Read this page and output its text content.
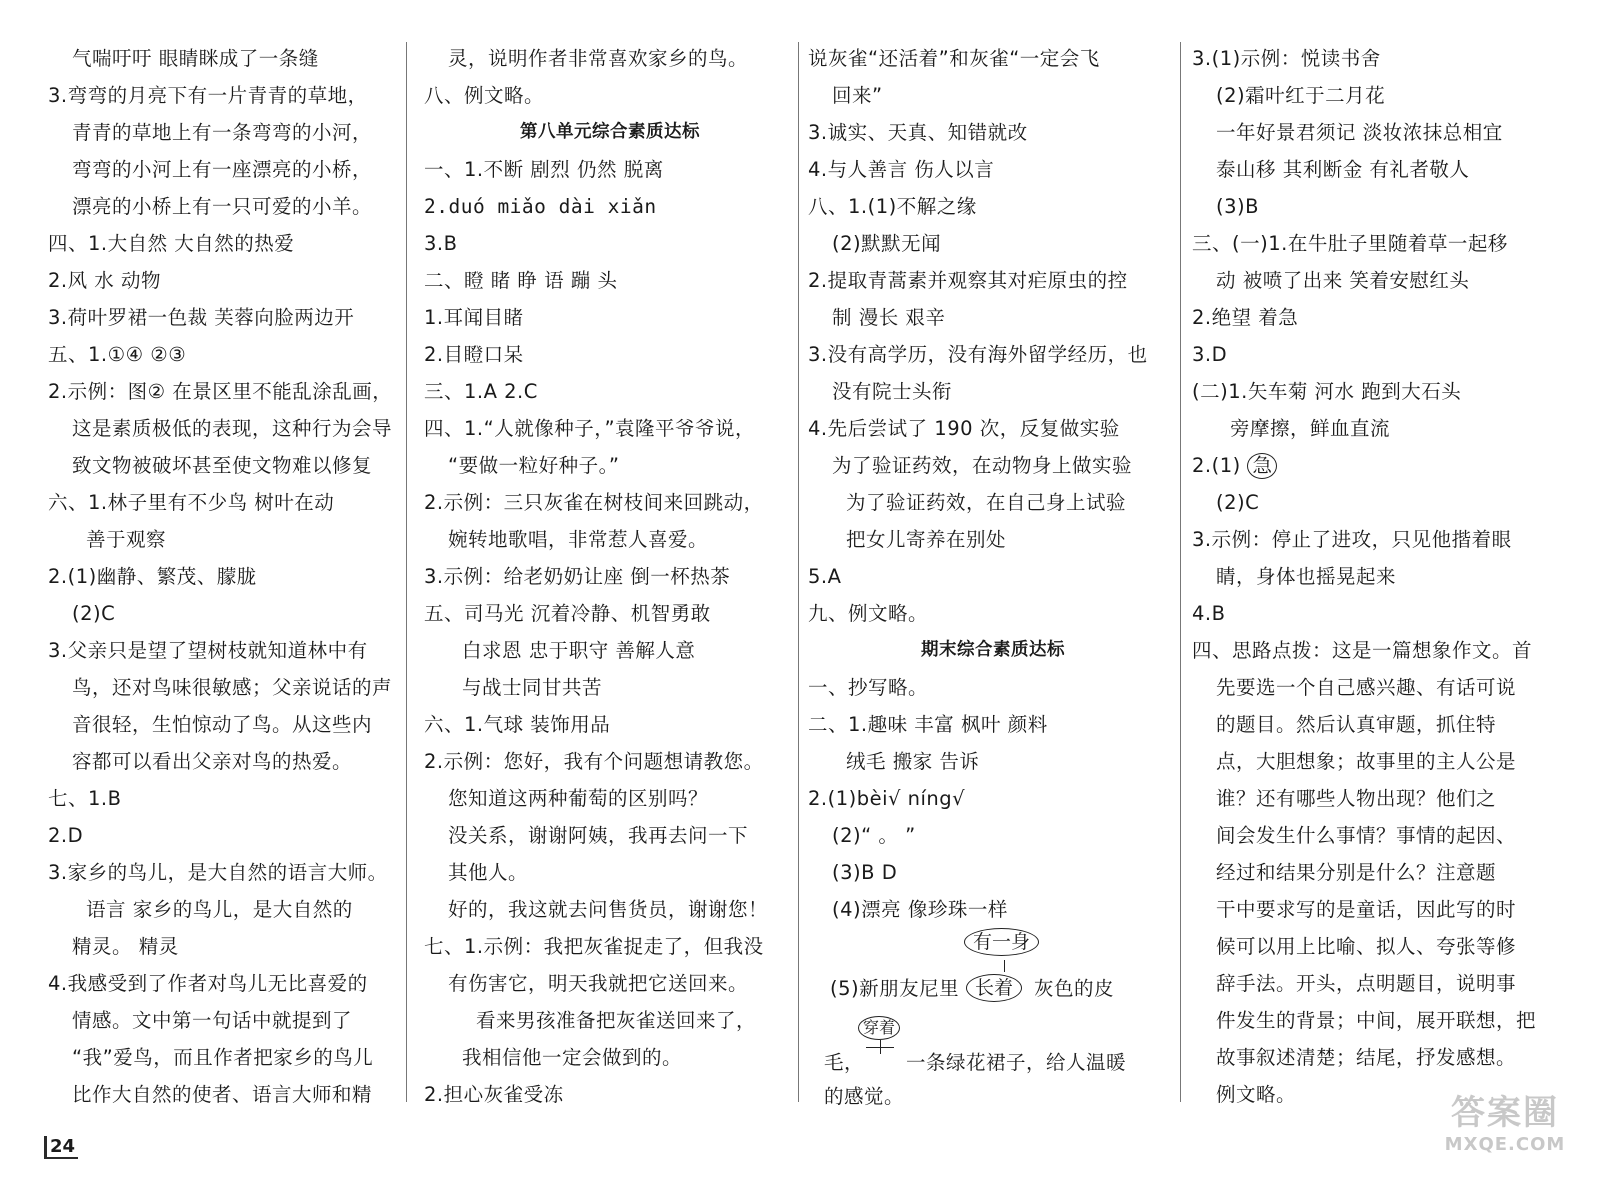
气喘吁吁 眼睛眯成了一条缝
3.弯弯的月亮下有一片青青的草地，
青青的草地上有一条弯弯的小河，
弯弯的小河上有一座漂亮的小桥，
漂亮的小桥上有一只可爱的小羊。
四、1.大自然 大自然的热爱
2.风 水 动物
3.荷叶罗裙一色裁 芙蓉向脸两边开
五、1.①④ ②③
2.示例：图② 在景区里不能乱涂乱画，
这是素质极低的表现，这种行为会导
致文物被破坏甚至使文物难以修复
六、1.林子里有不少鸟 树叶在动
善于观察
2.(1)幽静、繁茂、朦胧
(2)C
3.父亲只是望了望树枝就知道林中有
鸟，还对鸟味很敏感；父亲说话的声
音很轻，生怕惊动了鸟。从这些内
容都可以看出父亲对鸟的热爱。
七、1.B
2.D
3.家乡的鸟儿，是大自然的语言大师。
语言 家乡的鸟儿，是大自然的
精灵。 精灵
4.我感受到了作者对鸟儿无比喜爱的
情感。文中第一句话中就提到了
“我”爱鸟，而且作者把家乡的鸟儿
比作大自然的使者、语言大师和精
灵，说明作者非常喜欢家乡的鸟。
八、例文略。
第八单元综合素质达标
一、1.不断 剧烈 仍然 脱离
2.duó miǎo dài xiǎn
3.B
二、瞪 睹 睁 语 蹦 头
1.耳闻目睹
2.目瞪口呆
三、1.A 2.C
四、1.“人就像种子，”袁隆平爷爷说，
“要做一粒好种子。”
2.示例：三只灰雀在树枝间来回跳动，
婉转地歌唱，非常惹人喜爱。
3.示例：给老奶奶让座 倒一杯热茶
五、司马光 沉着冷静、机智勇敢
白求恩 忠于职守 善解人意
与战士同甘共苦
六、1.气球 装饰用品
2.示例：您好，我有个问题想请教您。
您知道这两种葡萄的区别吗？
没关系，谢谢阿姨，我再去问一下
其他人。
好的，我这就去问售货员，谢谢您！
七、1.示例：我把灰雀捉走了，但我没
有伤害它，明天我就把它送回来。
看来男孩准备把灰雀送回来了，
我相信他一定会做到的。
2.担心灰雀受冻
说灰雀“还活着”和灰雀“一定会飞
回来”
3.诚实、天真、知错就改
4.与人善言 伤人以言
八、1.(1)不解之缘
(2)默默无闻
2.提取青蒿素并观察其对疟原虫的控
制 漫长 艰辛
3.没有高学历，没有海外留学经历，也
没有院士头衔
4.先后尝试了 190 次，反复做实验
为了验证药效，在动物身上做实验
为了验证药效，在自己身上试验
把女儿寄养在别处
5.A
九、例文略。
期末综合素质达标
一、抄写略。
二、1.趣味 丰富 枫叶 颜料
绒毛 搬家 告诉
2.(1)bèi√ níng√
(2)“ 。 ”
(3)B D
(4)漂亮 像珍珠一样
有一身
(5)新朋友尼里 长着	灰色的皮
穿着
毛， 一条绿花裙子，给人温暖
的感觉。
3.(1)示例：悦读书舍
(2)霜叶红于二月花
一年好景君须记 淡妆浓抹总相宜
泰山移 其利断金 有礼者敬人
(3)B
三、(一)1.在牛肚子里随着草一起移
动 被喷了出来 笑着安慰红头
2.绝望 着急
3.D
(二)1.矢车菊 河水 跑到大石头
旁摩擦，鲜血直流
2.(1) 急
(2)C
3.示例：停止了进攻，只见他揩着眼
睛，身体也摇晃起来
4.B
四、思路点拨：这是一篇想象作文。首
先要选一个自己感兴趣、有话可说
的题目。然后认真审题，抓住特
点，大胆想象；故事里的主人公是
谁？还有哪些人物出现？他们之
间会发生什么事情？事情的起因、
经过和结果分别是什么？注意题
干中要求写的是童话，因此写的时
候可以用上比喻、拟人、夸张等修
辞手法。开头，点明题目，说明事
件发生的背景；中间，展开联想，把
故事叙述清楚；结尾，抒发感想。
例文略。
24
答案圈
MXQE.COM
